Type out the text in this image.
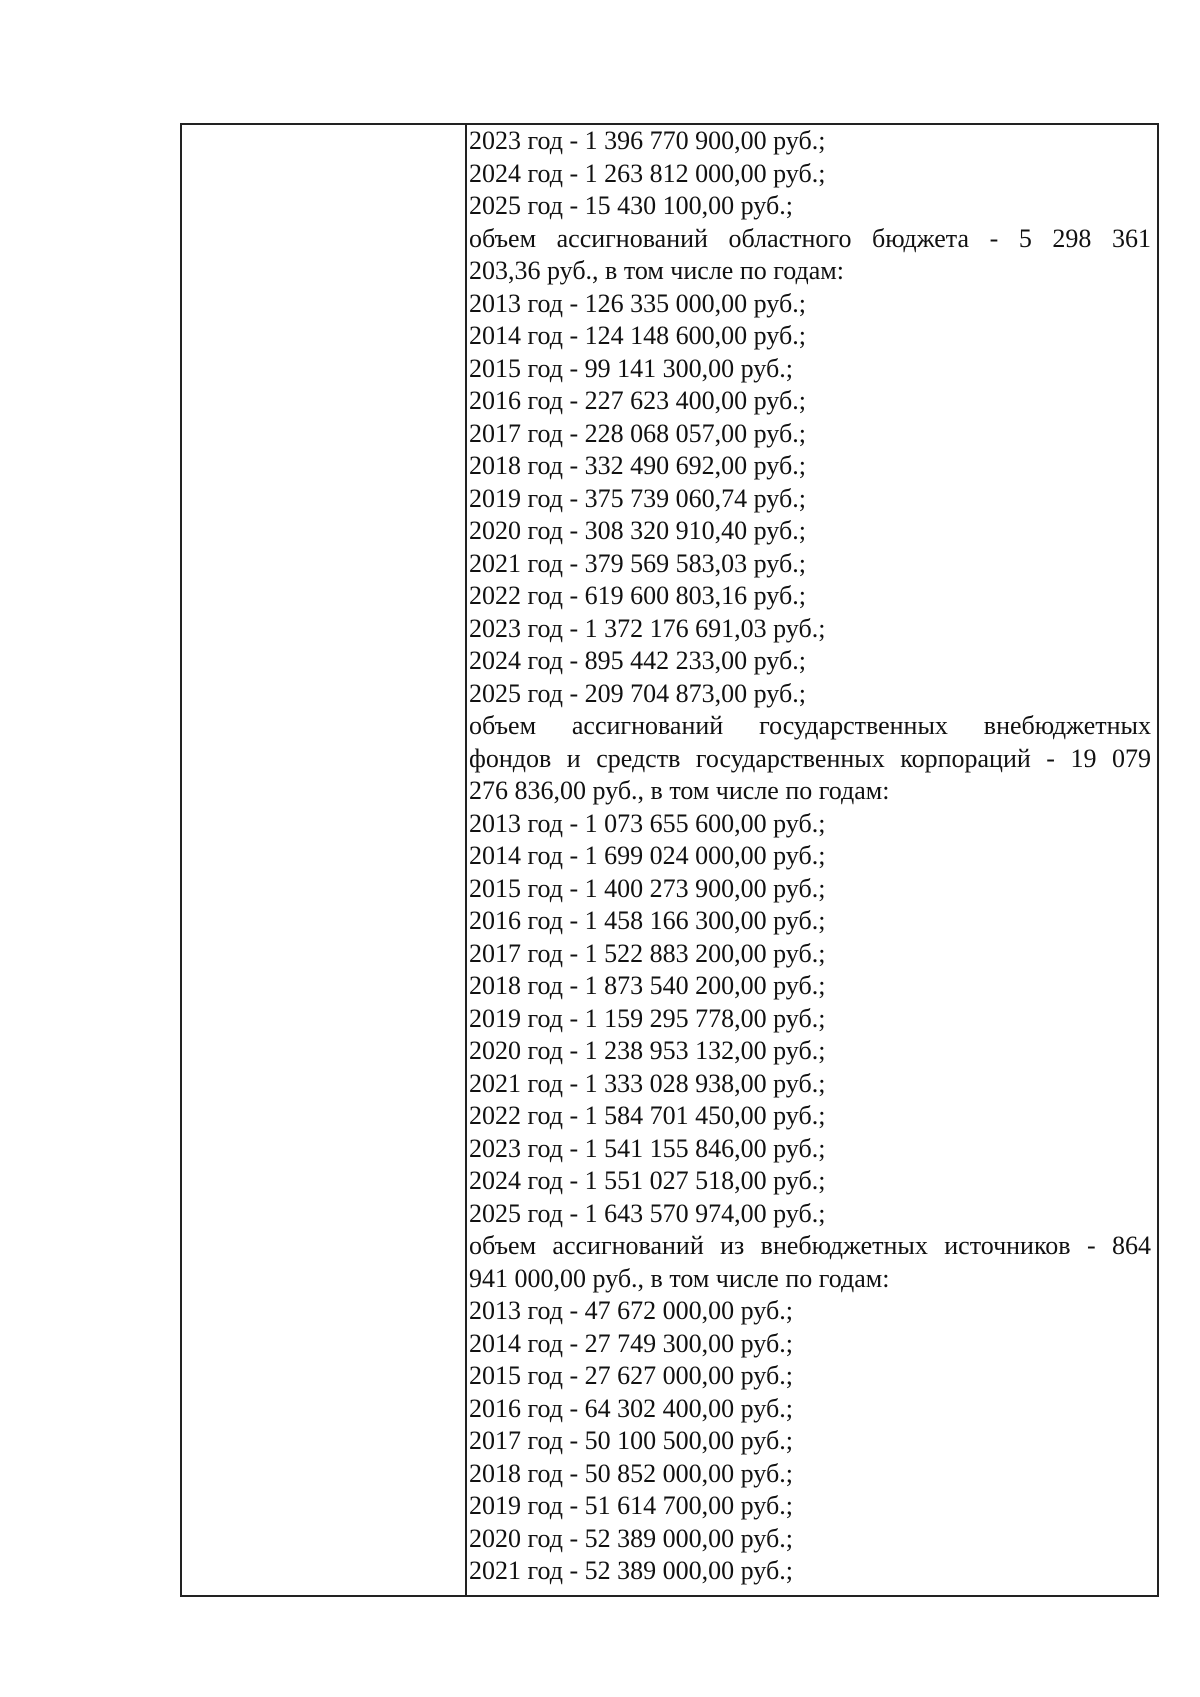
2023 год - 1 396 770 900,00 руб.;
2024 год - 1 263 812 000,00 руб.;
2025 год - 15 430 100,00 руб.;
объем ассигнований областного бюджета - 5 298 361
203,36 руб., в том числе по годам:
2013 год - 126 335 000,00 руб.;
2014 год - 124 148 600,00 руб.;
2015 год - 99 141 300,00 руб.;
2016 год - 227 623 400,00 руб.;
2017 год - 228 068 057,00 руб.;
2018 год - 332 490 692,00 руб.;
2019 год - 375 739 060,74 руб.;
2020 год - 308 320 910,40 руб.;
2021 год - 379 569 583,03 руб.;
2022 год - 619 600 803,16 руб.;
2023 год - 1 372 176 691,03 руб.;
2024 год - 895 442 233,00 руб.;
2025 год - 209 704 873,00 руб.;
объем ассигнований государственных внебюджетных
фондов и средств государственных корпораций - 19 079
276 836,00 руб., в том числе по годам:
2013 год - 1 073 655 600,00 руб.;
2014 год - 1 699 024 000,00 руб.;
2015 год - 1 400 273 900,00 руб.;
2016 год - 1 458 166 300,00 руб.;
2017 год - 1 522 883 200,00 руб.;
2018 год - 1 873 540 200,00 руб.;
2019 год - 1 159 295 778,00 руб.;
2020 год - 1 238 953 132,00 руб.;
2021 год - 1 333 028 938,00 руб.;
2022 год - 1 584 701 450,00 руб.;
2023 год - 1 541 155 846,00 руб.;
2024 год - 1 551 027 518,00 руб.;
2025 год - 1 643 570 974,00 руб.;
объем ассигнований из внебюджетных источников - 864
941 000,00 руб., в том числе по годам:
2013 год - 47 672 000,00 руб.;
2014 год - 27 749 300,00 руб.;
2015 год - 27 627 000,00 руб.;
2016 год - 64 302 400,00 руб.;
2017 год - 50 100 500,00 руб.;
2018 год - 50 852 000,00 руб.;
2019 год - 51 614 700,00 руб.;
2020 год - 52 389 000,00 руб.;
2021 год - 52 389 000,00 руб.;
